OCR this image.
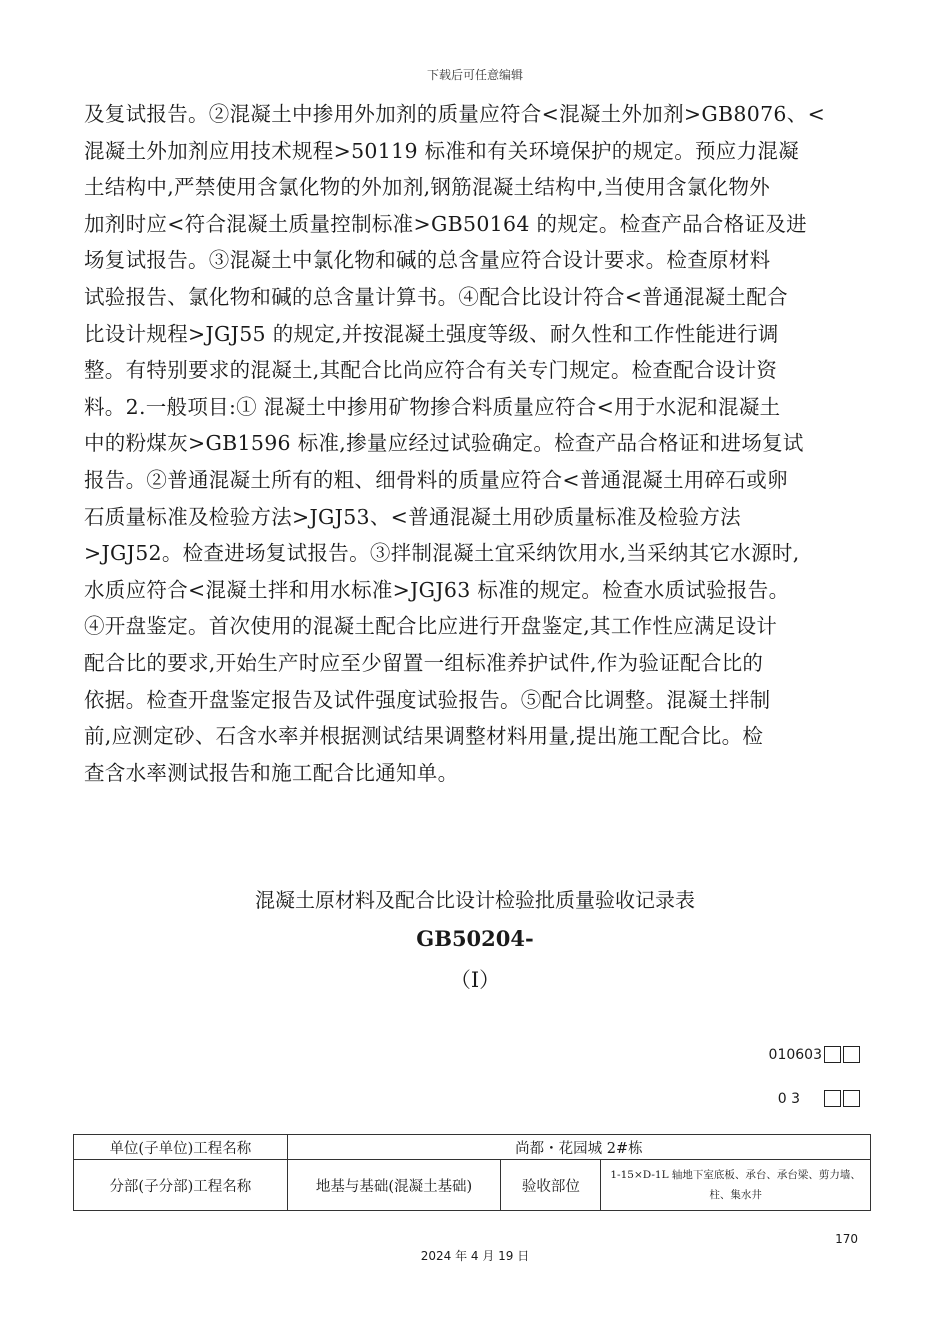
下载后可任意编辑
及复试报告。②混凝土中掺用外加剂的质量应符合<混凝土外加剂>GB8076、<
混凝土外加剂应用技术规程>50119 标准和有关环境保护的规定。预应力混凝
土结构中,严禁使用含氯化物的外加剂,钢筋混凝土结构中,当使用含氯化物外
加剂时应<符合混凝土质量控制标准>GB50164 的规定。检查产品合格证及进
场复试报告。③混凝土中氯化物和碱的总含量应符合设计要求。检查原材料
试验报告、氯化物和碱的总含量计算书。④配合比设计符合<普通混凝土配合
比设计规程>JGJ55 的规定,并按混凝土强度等级、耐久性和工作性能进行调
整。有特别要求的混凝土,其配合比尚应符合有关专门规定。检查配合设计资
料。2.一般项目:① 混凝土中掺用矿物掺合料质量应符合<用于水泥和混凝土
中的粉煤灰>GB1596 标准,掺量应经过试验确定。检查产品合格证和进场复试
报告。②普通混凝土所有的粗、细骨料的质量应符合<普通混凝土用碎石或卵
石质量标准及检验方法>JGJ53、<普通混凝土用砂质量标准及检验方法
>JGJ52。检查进场复试报告。③拌制混凝土宜采纳饮用水,当采纳其它水源时,
水质应符合<混凝土拌和用水标准>JGJ63 标准的规定。检查水质试验报告。
④开盘鉴定。首次使用的混凝土配合比应进行开盘鉴定,其工作性应满足设计
配合比的要求,开始生产时应至少留置一组标准养护试件,作为验证配合比的
依据。检查开盘鉴定报告及试件强度试验报告。⑤配合比调整。混凝土拌制
前,应测定砂、石含水率并根据测试结果调整材料用量,提出施工配合比。检
查含水率测试报告和施工配合比通知单。
混凝土原材料及配合比设计检验批质量验收记录表
GB50204-
（Ⅰ）
010603
0 3
单位(子单位)工程名称	尚都・花园城 2#栋		
分部(子分部)工程名称	地基与基础(混凝土基础)	验收部位	1-15×D-1L 轴地下室底板、承台、承台梁、剪力墙、柱、集水井
170
2024 年 4 月 19 日
